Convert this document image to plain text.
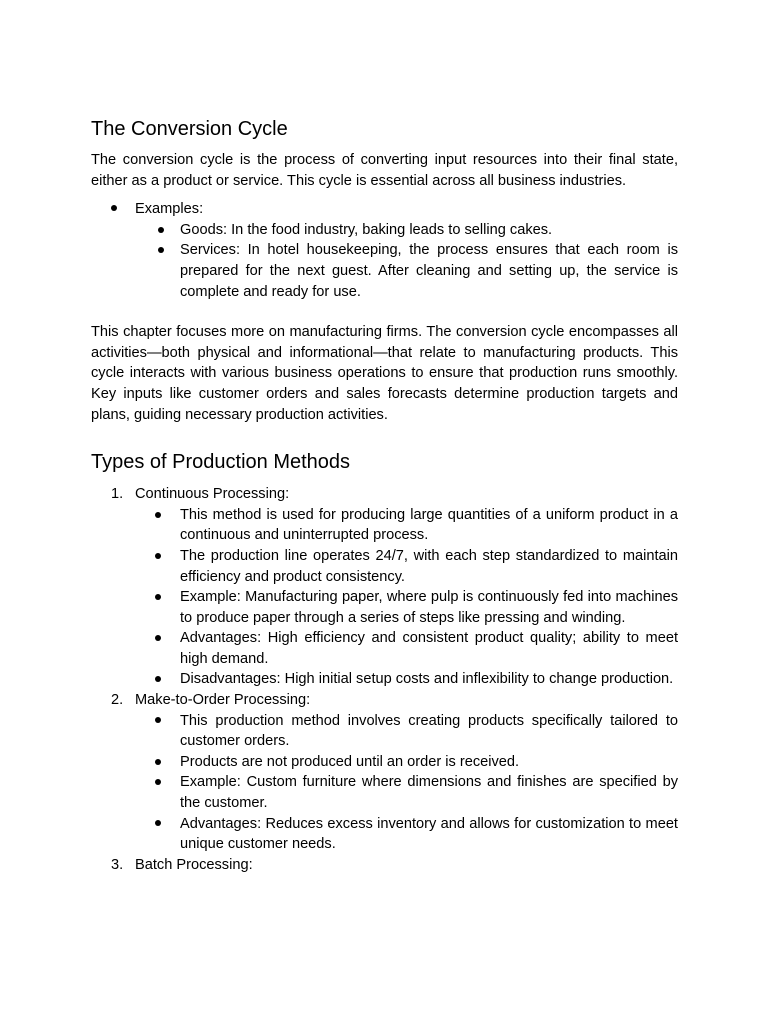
The Conversion Cycle

The conversion cycle is the process of converting input resources into their final state, either as a product or service. This cycle is essential across all business industries.

Examples:
Goods: In the food industry, baking leads to selling cakes.
Services: In hotel housekeeping, the process ensures that each room is prepared for the next guest. After cleaning and setting up, the service is complete and ready for use.

This chapter focuses more on manufacturing firms. The conversion cycle encompasses all activities—both physical and informational—that relate to manufacturing products. This cycle interacts with various business operations to ensure that production runs smoothly. Key inputs like customer orders and sales forecasts determine production targets and plans, guiding necessary production activities.

Types of Production Methods
1. Continuous Processing:
This method is used for producing large quantities of a uniform product in a continuous and uninterrupted process.
The production line operates 24/7, with each step standardized to maintain efficiency and product consistency.
Example: Manufacturing paper, where pulp is continuously fed into machines to produce paper through a series of steps like pressing and winding.
Advantages: High efficiency and consistent product quality; ability to meet high demand.
Disadvantages: High initial setup costs and inflexibility to change production.
2. Make-to-Order Processing:
This production method involves creating products specifically tailored to customer orders.
Products are not produced until an order is received.
Example: Custom furniture where dimensions and finishes are specified by the customer.
Advantages: Reduces excess inventory and allows for customization to meet unique customer needs.
3. Batch Processing:
